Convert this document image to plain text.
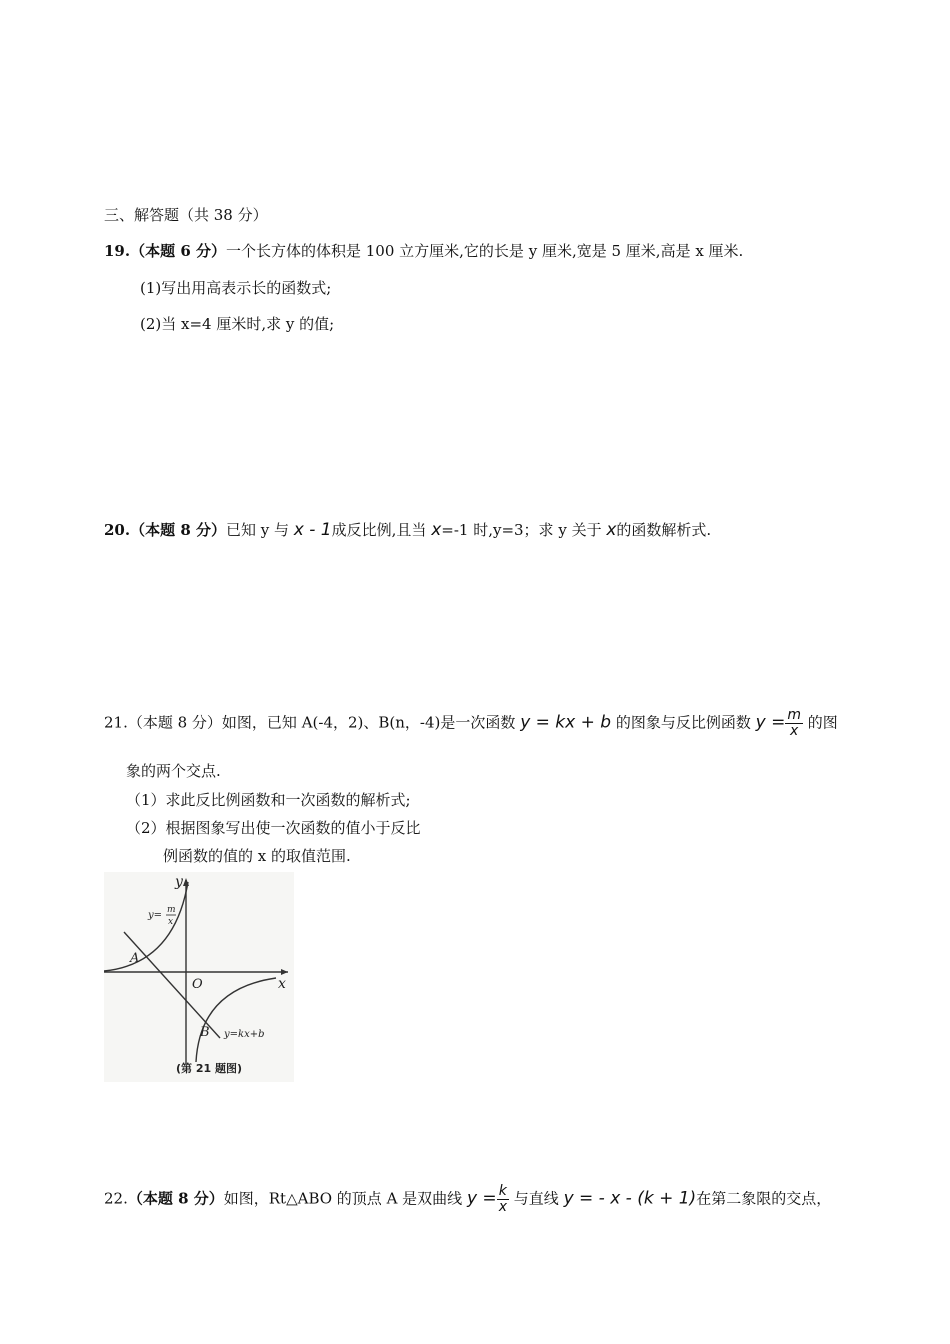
三、解答题（共 38 分）
19.（本题 6 分）一个长方体的体积是 100 立方厘米,它的长是 y 厘米,宽是 5 厘米,高是 x 厘米.
(1)写出用高表示长的函数式;
(2)当 x=4 厘米时,求 y 的值;
20.（本题 8 分）已知 y 与 x - 1成反比例,且当 x=-1 时,y=3；求 y 关于 x的函数解析式.
21.（本题 8 分）如图，已知 A(-4，2)、B(n，-4)是一次函数 y = kx + b 的图象与反比例函数 $y = \frac{m}{x}$ 的图
象的两个交点.
（1）求此反比例函数和一次函数的解析式;
（2）根据图象写出使一次函数的值小于反比
例函数的值的 x 的取值范围.
y
x
O
A
B
y= m
x
y=kx+b
(第 21 题图)
22.（本题 8 分）如图，Rt△ABO 的顶点 A 是双曲线 $y = \frac{k}{x}$ 与直线 y = - x - (k + 1)在第二象限的交点，
